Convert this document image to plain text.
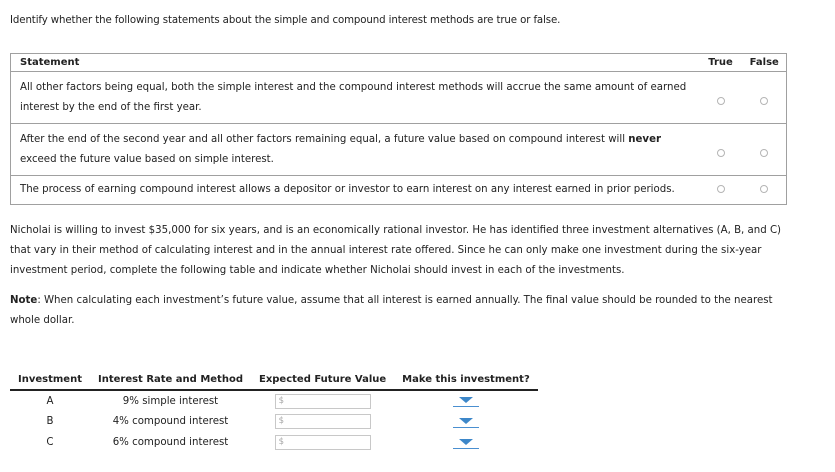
Identify whether the following statements about the simple and compound interest methods are true or false.
Statement	True	False
All other factors being equal, both the simple interest and the compound interest methods will accrue the same amount of earned interest by the end of the first year.		
After the end of the second year and all other factors remaining equal, a future value based on compound interest will never exceed the future value based on simple interest.		
The process of earning compound interest allows a depositor or investor to earn interest on any interest earned in prior periods.		
Nicholai is willing to invest $35,000 for six years, and is an economically rational investor. He has identified three investment alternatives (A, B, and C) that vary in their method of calculating interest and in the annual interest rate offered. Since he can only make one investment during the six-year investment period, complete the following table and indicate whether Nicholai should invest in each of the investments.
Note: When calculating each investment’s future value, assume that all interest is earned annually. The final value should be rounded to the nearest whole dollar.
Investment	Interest Rate and Method	Expected Future Value	Make this investment?
A	9% simple interest	$	

B	4% compound interest	$	

C	6% compound interest	$	
